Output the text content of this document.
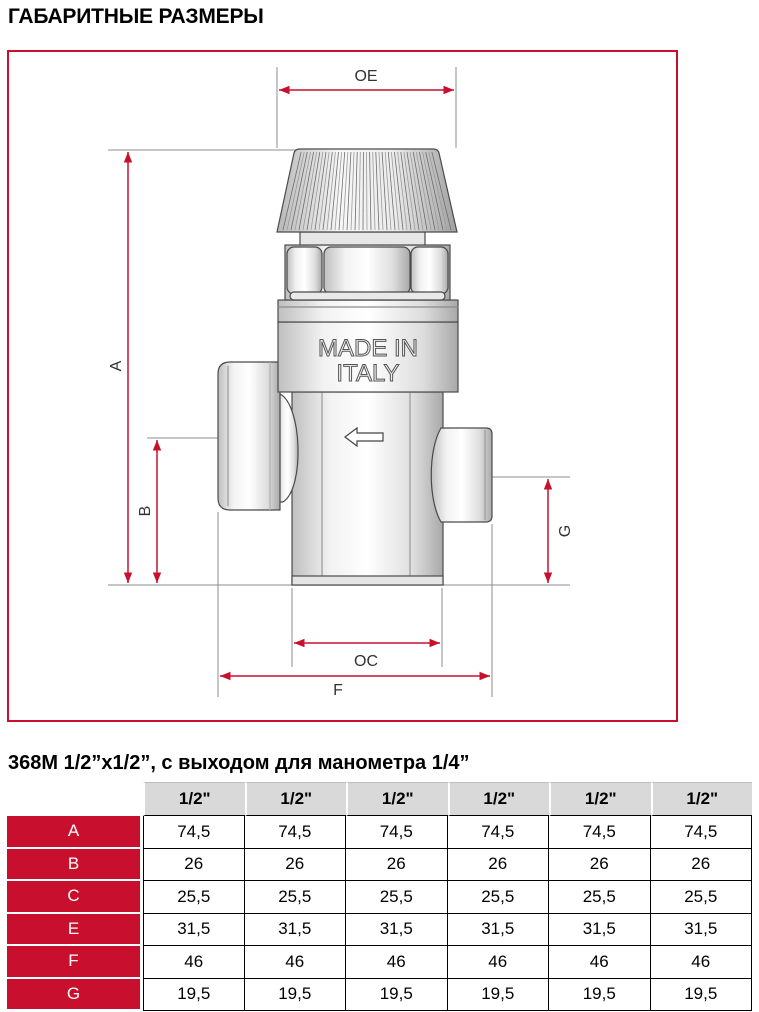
ГАБАРИТНЫЕ РАЗМЕРЫ
MADE IN
ITALY
OE
A
B
G
OC
F
368M 1/2”x1/2”, с выходом для манометра 1/4”
	1/2"	1/2"	1/2"	1/2"	1/2"	1/2"
A	74,5	74,5	74,5	74,5	74,5	74,5
B	26	26	26	26	26	26
C	25,5	25,5	25,5	25,5	25,5	25,5
E	31,5	31,5	31,5	31,5	31,5	31,5
F	46	46	46	46	46	46
G	19,5	19,5	19,5	19,5	19,5	19,5
